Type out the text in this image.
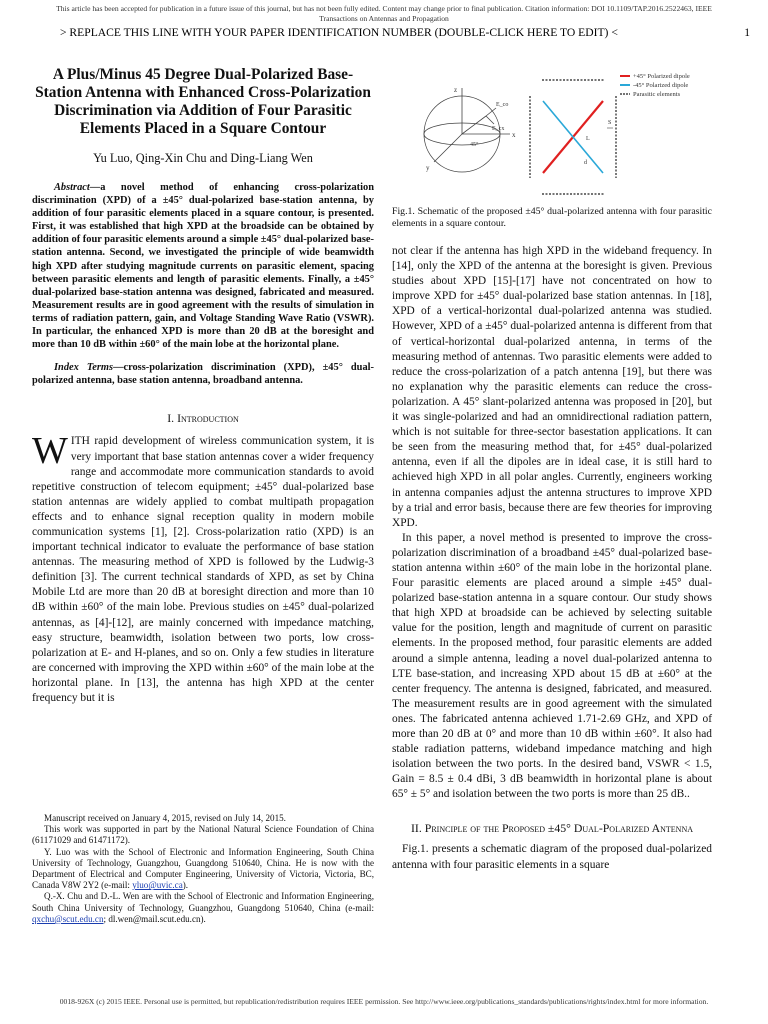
This article has been accepted for publication in a future issue of this journal, but has not been fully edited. Content may change prior to final publication. Citation information: DOI 10.1109/TAP.2016.2522463, IEEE
Transactions on Antennas and Propagation
> REPLACE THIS LINE WITH YOUR PAPER IDENTIFICATION NUMBER (DOUBLE-CLICK HERE TO EDIT) <	1
A Plus/Minus 45 Degree Dual-Polarized Base-Station Antenna with Enhanced Cross-Polarization Discrimination via Addition of Four Parasitic Elements Placed in a Square Contour
Yu Luo, Qing-Xin Chu and Ding-Liang Wen

Abstract—a novel method of enhancing cross-polarization discrimination (XPD) of a ±45° dual-polarized base-station antenna, by addition of four parasitic elements placed in a square contour, is presented. First, it was established that high XPD at the broadside can be obtained by addition of four parasitic elements around a simple ±45° dual-polarized base-station antenna. Second, we investigated the principle of wide beamwidth high XPD after studying magnitude currents on parasitic element, spacing between parasitic elements and length of parasitic elements. Finally, a ±45° dual-polarized base-station antenna was designed, fabricated and measured. Measurement results are in good agreement with the results of simulation in terms of radiation pattern, gain, and Voltage Standing Wave Ratio (VSWR). In particular, the enhanced XPD is more than 20 dB at the boresight and more than 10 dB within ±60° of the main lobe at the horizontal plane.

Index Terms—cross-polarization discrimination (XPD), ±45° dual-polarized antenna, base station antenna, broadband antenna.

I. Introduction

WITH rapid development of wireless communication system, it is very important that base station antennas cover a wider frequency range and accommodate more communication standards to avoid repetitive construction of telecom equipment; ±45° dual-polarized base station antennas are widely applied to combat multipath propagation effects and to enhance signal reception quality in modern mobile communication systems [1], [2]. Cross-polarization ratio (XPD) is an important technical indicator to evaluate the performance of base station antennas. The measuring method of XPD is followed by the Ludwig-3 definition [3]. The current technical standards of XPD, as set by China Mobile Ltd are more than 20 dB at boresight direction and more than 10 dB within ±60° of the main lobe. Previous studies on ±45° dual-polarized antennas, as [4]-[12], are mainly concerned with impedance matching, easy structure, beamwidth, isolation between two ports, low cross-polarization at E- and H-planes, and so on. Only a few studies in literature are concerned with improving the XPD within ±60° of the main lobe at the horizontal plane. In [13], the antenna has high XPD at the center frequency but it is

Manuscript received on January 4, 2015, revised on July 14, 2015.

This work was supported in part by the National Natural Science Foundation of China (61171029 and 61471172).

Y. Luo was with the School of Electronic and Information Engineering, South China University of Technology, Guangzhou, Guangdong 510640, China. He is now with the Department of Electrical and Computer Engineering, University of Victoria, Victoria, BC, Canada V8W 2Y2 (e-mail: yluo@uvic.ca).

Q.-X. Chu and D.-L. Wen are with the School of Electronic and Information Engineering, South China University of Technology, Guangzhou, Guangdong 510640, China (e-mail: qxchu@scut.edu.cn; dl.wen@mail.scut.edu.cn).

z
x
y
E_co
E_cx
45°
+45° Polarized dipole
-45° Polarized dipole
Parasitic elements
S
L
d
Fig.1. Schematic of the proposed ±45° dual-polarized antenna with four parasitic elements in a square contour.

not clear if the antenna has high XPD in the wideband frequency. In [14], only the XPD of the antenna at the boresight is given. Previous studies about XPD [15]-[17] have not concentrated on how to improve XPD for ±45° dual-polarized base station antennas. In [18], XPD of a vertical-horizontal dual-polarized antenna was studied. However, XPD of a ±45° dual-polarized antenna is different from that of vertical-horizontal dual-polarized antenna, in terms of the measuring method of antennas. Two parasitic elements were added to reduce the cross-polarization of a patch antenna [19], but there was no explanation why the parasitic elements can reduce the cross-polarization. A 45° slant-polarized antenna was proposed in [20], but it was single-polarized and had an omnidirectional radiation pattern, which is not suitable for three-sector basestation applications. It can be seen from the measuring method that, for ±45° dual-polarized antenna, even if all the dipoles are in ideal case, it is still hard to achieved high XPD in all polar angles. Currently, engineers working in antenna companies adjust the antenna structures to improve XPD by a trial and error basis, because there are few theories for improving XPD.

In this paper, a novel method is presented to improve the cross-polarization discrimination of a broadband ±45° dual-polarized base-station antenna within ±60° of the main lobe in the horizontal plane. Four parasitic elements are placed around a simple ±45° dual-polarized base-station antenna in a square contour. Our study shows that high XPD at broadside can be achieved by selecting suitable value for the position, length and magnitude of current on parasitic elements. In the proposed method, four parasitic elements are added around a simple antenna, leading a novel dual-polarized antenna to LTE base-station, and increasing XPD about 15 dB at ±60° at the center frequency. The antenna is designed, fabricated, and measured. The measurement results are in good agreement with the simulated ones. The fabricated antenna achieved 1.71-2.69 GHz, and XPD of more than 20 dB at 0° and more than 10 dB within ±60°. It also had stable radiation patterns, wideband impedance matching and high isolation between the two ports. In the desired band, VSWR < 1.5, Gain = 8.5 ± 0.4 dBi, 3 dB beamwidth in horizontal plane is about 65° ± 5° and isolation between the two ports is more than 25 dB..

II. Principle of the Proposed ±45° Dual-Polarized Antenna

Fig.1. presents a schematic diagram of the proposed dual-polarized antenna with four parasitic elements in a square

0018-926X (c) 2015 IEEE. Personal use is permitted, but republication/redistribution requires IEEE permission. See http://www.ieee.org/publications_standards/publications/rights/index.html for more information.
